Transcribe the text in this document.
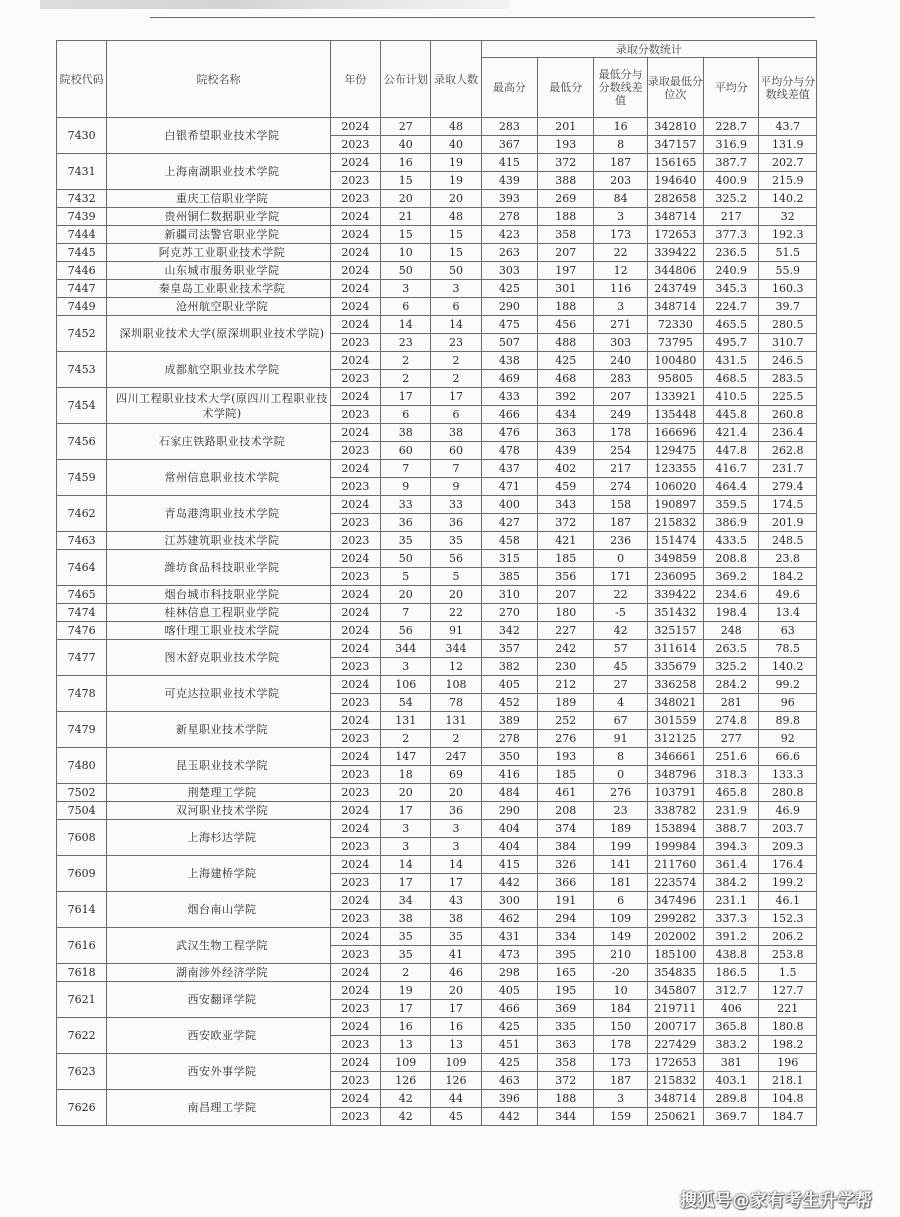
院校代码	院校名称	年份	公布计划	录取人数	录取分数统计					
					最高分	最低分	最低分与分数线差值	录取最低分位次	平均分	平均分与分数线差值
7430	白银希望职业技术学院	2024	27	48	283	201	16	342810	228.7	43.7
		2023	40	40	367	193	8	347157	316.9	131.9
7431	上海南湖职业技术学院	2024	16	19	415	372	187	156165	387.7	202.7
		2023	15	19	439	388	203	194640	400.9	215.9
7432	重庆工信职业学院	2023	20	20	393	269	84	282658	325.2	140.2
7439	贵州铜仁数据职业学院	2024	21	48	278	188	3	348714	217	32
7444	新疆司法警官职业学院	2024	15	15	423	358	173	172653	377.3	192.3
7445	阿克苏工业职业技术学院	2024	10	15	263	207	22	339422	236.5	51.5
7446	山东城市服务职业学院	2024	50	50	303	197	12	344806	240.9	55.9
7447	秦皇岛工业职业技术学院	2024	3	3	425	301	116	243749	345.3	160.3
7449	沧州航空职业学院	2024	6	6	290	188	3	348714	224.7	39.7
7452	深圳职业技术大学(原深圳职业技术学院)	2024	14	14	475	456	271	72330	465.5	280.5
		2023	23	23	507	488	303	73795	495.7	310.7
7453	成都航空职业技术学院	2024	2	2	438	425	240	100480	431.5	246.5
		2023	2	2	469	468	283	95805	468.5	283.5
7454	四川工程职业技术大学(原四川工程职业技术学院)	2024	17	17	433	392	207	133921	410.5	225.5
		2023	6	6	466	434	249	135448	445.8	260.8
7456	石家庄铁路职业技术学院	2024	38	38	476	363	178	166696	421.4	236.4
		2023	60	60	478	439	254	129475	447.8	262.8
7459	常州信息职业技术学院	2024	7	7	437	402	217	123355	416.7	231.7
		2023	9	9	471	459	274	106020	464.4	279.4
7462	青岛港湾职业技术学院	2024	33	33	400	343	158	190897	359.5	174.5
		2023	36	36	427	372	187	215832	386.9	201.9
7463	江苏建筑职业技术学院	2023	35	35	458	421	236	151474	433.5	248.5
7464	潍坊食品科技职业学院	2024	50	56	315	185	0	349859	208.8	23.8
		2023	5	5	385	356	171	236095	369.2	184.2
7465	烟台城市科技职业学院	2024	20	20	310	207	22	339422	234.6	49.6
7474	桂林信息工程职业学院	2024	7	22	270	180	-5	351432	198.4	13.4
7476	喀什理工职业技术学院	2024	56	91	342	227	42	325157	248	63
7477	图木舒克职业技术学院	2024	344	344	357	242	57	311614	263.5	78.5
		2023	3	12	382	230	45	335679	325.2	140.2
7478	可克达拉职业技术学院	2024	106	108	405	212	27	336258	284.2	99.2
		2023	54	78	452	189	4	348021	281	96
7479	新星职业技术学院	2024	131	131	389	252	67	301559	274.8	89.8
		2023	2	2	278	276	91	312125	277	92
7480	昆玉职业技术学院	2024	147	247	350	193	8	346661	251.6	66.6
		2023	18	69	416	185	0	348796	318.3	133.3
7502	荆楚理工学院	2023	20	20	484	461	276	103791	465.8	280.8
7504	双河职业技术学院	2024	17	36	290	208	23	338782	231.9	46.9
7608	上海杉达学院	2024	3	3	404	374	189	153894	388.7	203.7
		2023	3	3	404	384	199	199984	394.3	209.3
7609	上海建桥学院	2024	14	14	415	326	141	211760	361.4	176.4
		2023	17	17	442	366	181	223574	384.2	199.2
7614	烟台南山学院	2024	34	43	300	191	6	347496	231.1	46.1
		2023	38	38	462	294	109	299282	337.3	152.3
7616	武汉生物工程学院	2024	35	35	431	334	149	202002	391.2	206.2
		2023	35	41	473	395	210	185100	438.8	253.8
7618	湖南涉外经济学院	2024	2	46	298	165	-20	354835	186.5	1.5
7621	西安翻译学院	2024	19	20	405	195	10	345807	312.7	127.7
		2023	17	17	466	369	184	219711	406	221
7622	西安欧亚学院	2024	16	16	425	335	150	200717	365.8	180.8
		2023	13	13	451	363	178	227429	383.2	198.2
7623	西安外事学院	2024	109	109	425	358	173	172653	381	196
		2023	126	126	463	372	187	215832	403.1	218.1
7626	南昌理工学院	2024	42	44	396	188	3	348714	289.8	104.8
		2023	42	45	442	344	159	250621	369.7	184.7
搜狐号@家有考生升学帮
